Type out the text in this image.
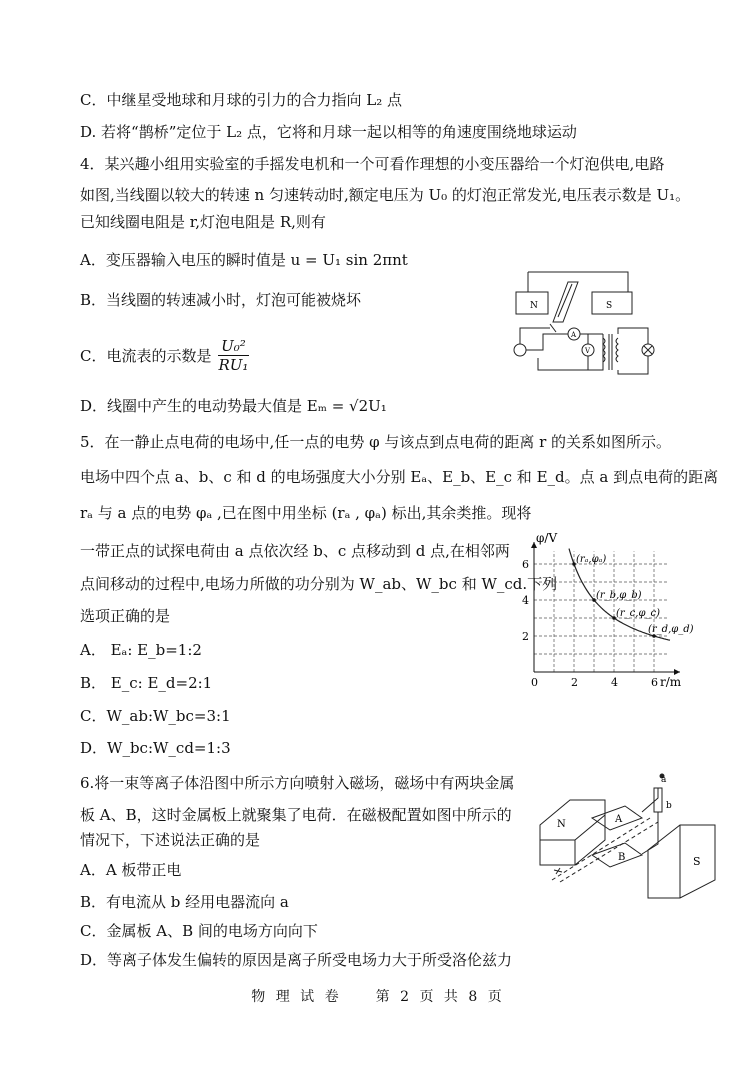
C．中继星受地球和月球的引力的合力指向 L₂ 点
D. 若将“鹊桥”定位于 L₂ 点，它将和月球一起以相等的角速度围绕地球运动
4．某兴趣小组用实验室的手摇发电机和一个可看作理想的小变压器给一个灯泡供电,电路
如图,当线圈以较大的转速 n 匀速转动时,额定电压为 U₀ 的灯泡正常发光,电压表示数是 U₁。
已知线圈电阻是 r,灯泡电阻是 R,则有
A．变压器输入电压的瞬时值是 u = U₁ sin 2πnt
B．当线圈的转速减小时，灯泡可能被烧坏
C．电流表的示数是 $\frac{\text{U₀²}}{\text{RU₁}}$
D．线圈中产生的电动势最大值是 Eₘ = √2U₁
N	S
A
V
5．在一静止点电荷的电场中,任一点的电势 φ 与该点到点电荷的距离 r 的关系如图所示。
电场中四个点 a、b、c 和 d 的电场强度大小分别 Eₐ、E_b、E_c 和 E_d。点 a 到点电荷的距离
rₐ 与 a 点的电势 φₐ ,已在图中用坐标 (rₐ , φₐ) 标出,其余类推。现将
一带正点的试探电荷由 a 点依次经 b、c 点移动到 d 点,在相邻两
点间移动的过程中,电场力所做的功分别为 W_ab、W_bc 和 W_cd.下列
选项正确的是
A． Eₐ: E_b=1:2
B． E_c: E_d=2:1
C．W_ab:W_bc=3:1
D．W_bc:W_cd=1:3
(rₐ,φₐ)
(r_b,φ_b)
(r_c,φ_c)
(r_d,φ_d)
0	2	4	6
2
4
6
φ/V
r/m
6.将一束等离子体沿图中所示方向喷射入磁场，磁场中有两块金属
板 A、B，这时金属板上就聚集了电荷．在磁极配置如图中所示的
情况下，下述说法正确的是
A．A 板带正电
B．有电流从 b 经用电器流向 a
C．金属板 A、B 间的电场方向向下
D．等离子体发生偏转的原因是离子所受电场力大于所受洛伦兹力
N	A
B	S
a
b
物 理 试 卷　　第 2 页 共 8 页
